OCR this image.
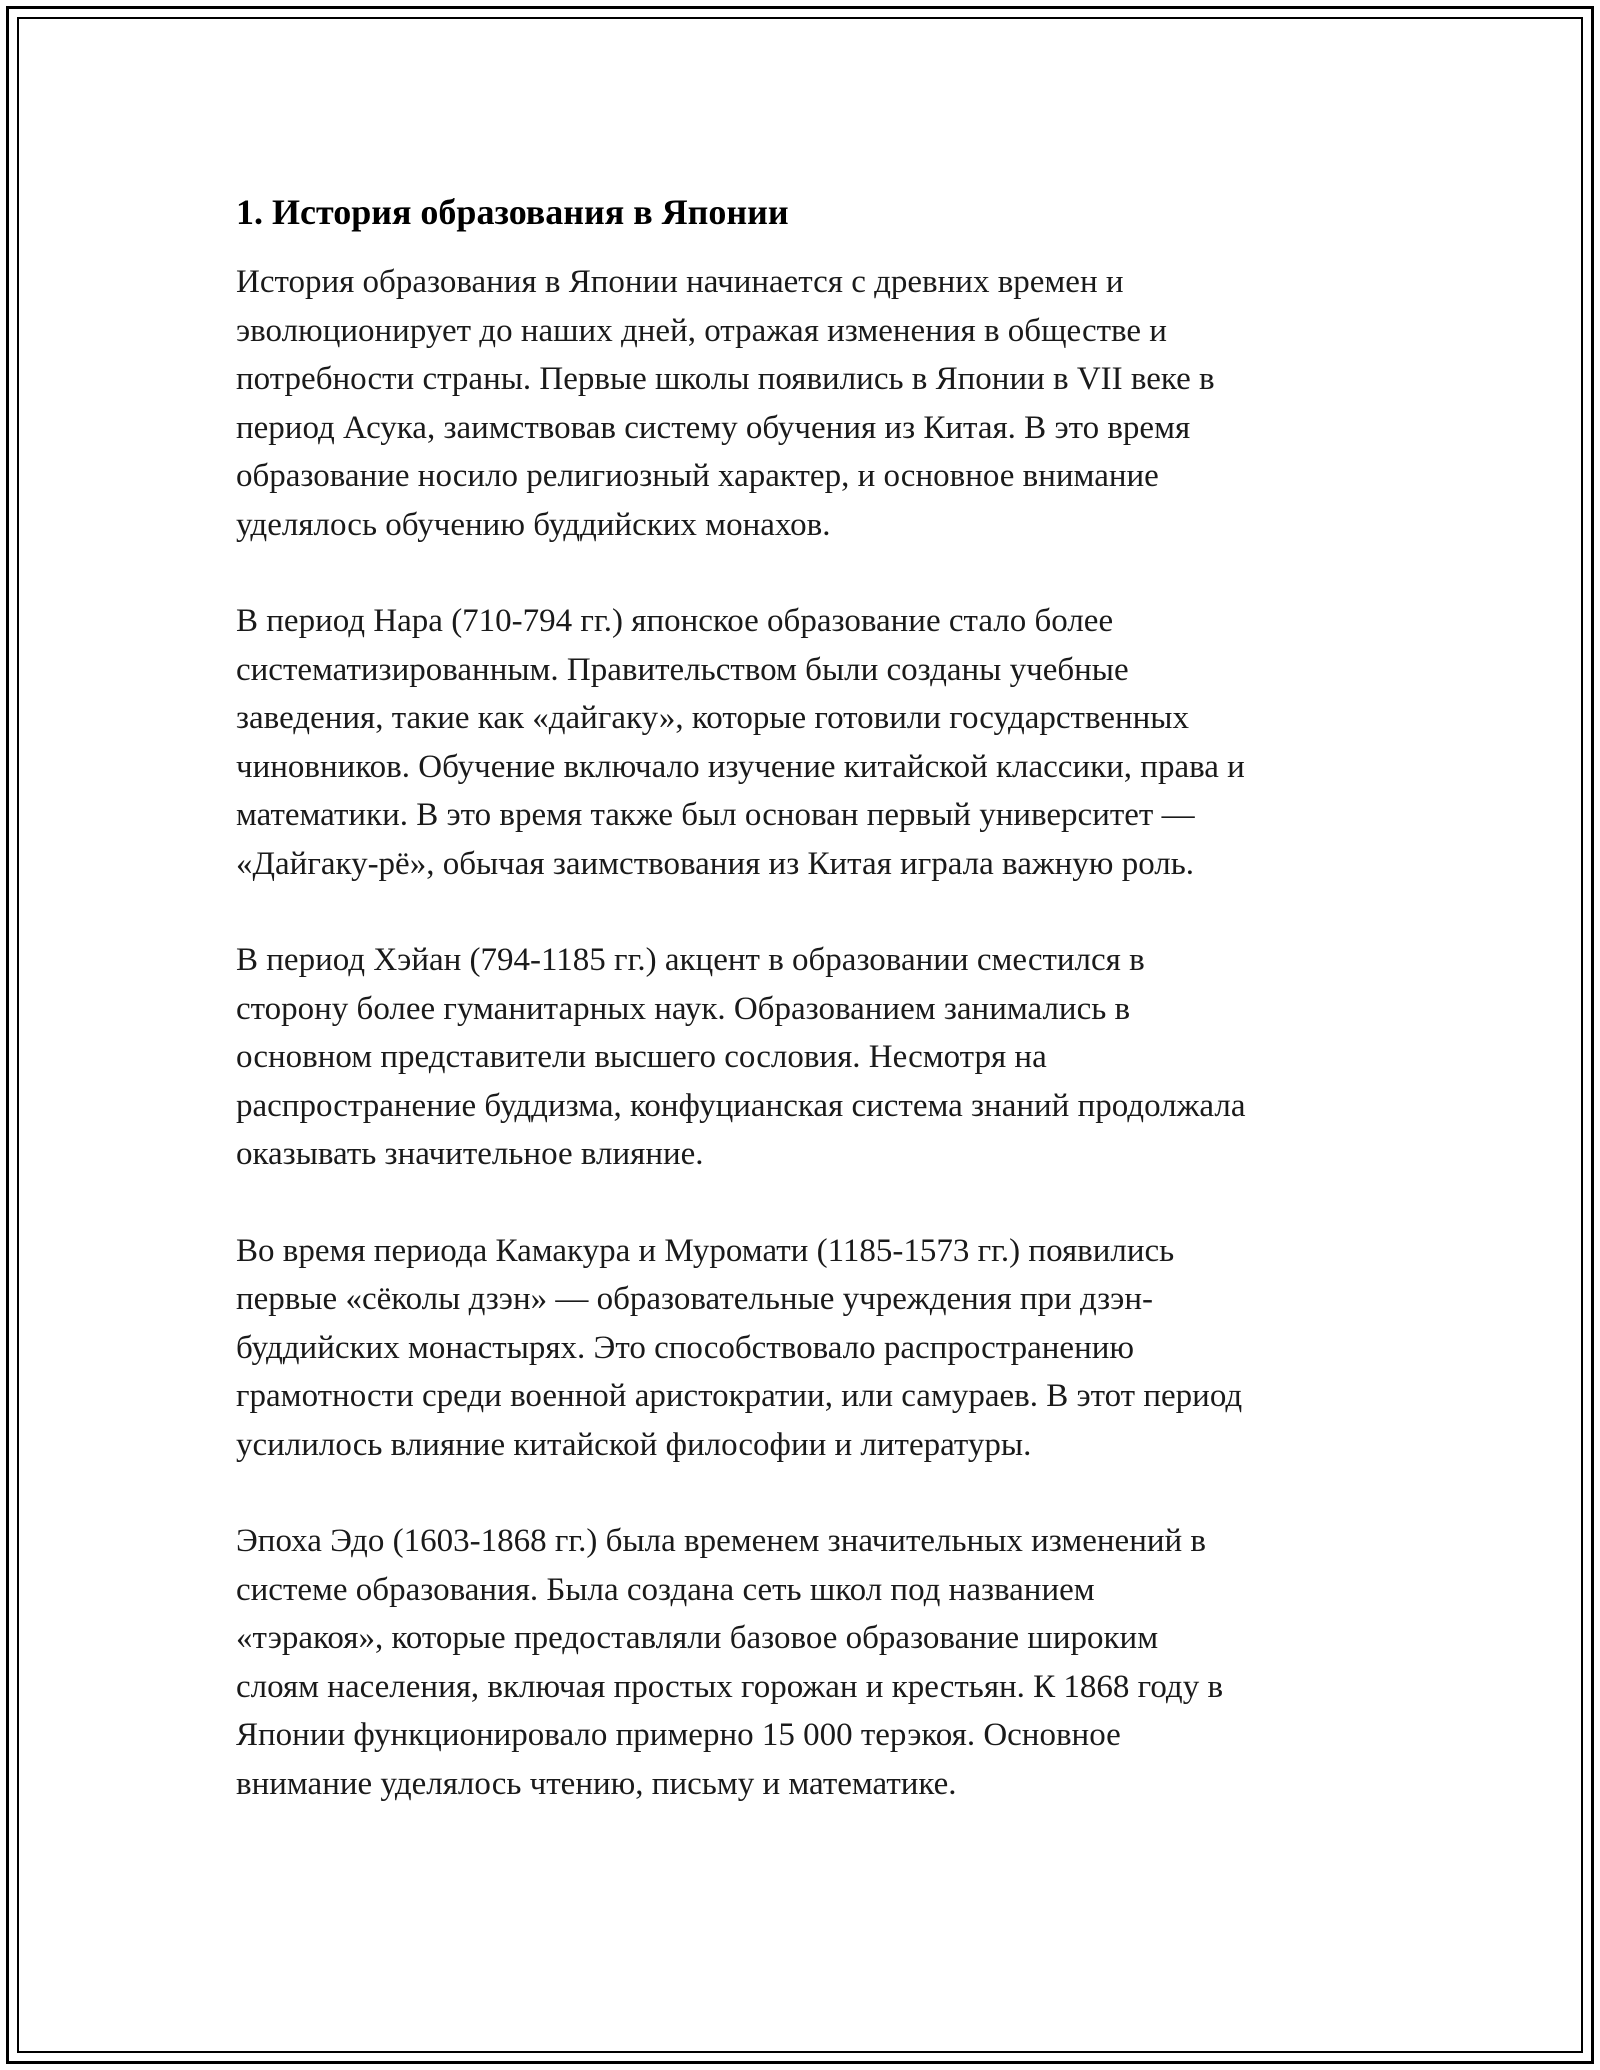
1. История образования в Японии

История образования в Японии начинается с древних времен и
эволюционирует до наших дней, отражая изменения в обществе и
потребности страны. Первые школы появились в Японии в VII веке в
период Асука, заимствовав систему обучения из Китая. В это время
образование носило религиозный характер, и основное внимание
уделялось обучению буддийских монахов.

В период Нара (710-794 гг.) японское образование стало более
систематизированным. Правительством были созданы учебные
заведения, такие как «дайгаку», которые готовили государственных
чиновников. Обучение включало изучение китайской классики, права и
математики. В это время также был основан первый университет —
«Дайгаку-рё», обычая заимствования из Китая играла важную роль.

В период Хэйан (794-1185 гг.) акцент в образовании сместился в
сторону более гуманитарных наук. Образованием занимались в
основном представители высшего сословия. Несмотря на
распространение буддизма, конфуцианская система знаний продолжала
оказывать значительное влияние.

Во время периода Камакура и Муромати (1185-1573 гг.) появились
первые «сёколы дзэн» — образовательные учреждения при дзэн-
буддийских монастырях. Это способствовало распространению
грамотности среди военной аристократии, или самураев. В этот период
усилилось влияние китайской философии и литературы.

Эпоха Эдо (1603-1868 гг.) была временем значительных изменений в
системе образования. Была создана сеть школ под названием
«тэракоя», которые предоставляли базовое образование широким
слоям населения, включая простых горожан и крестьян. К 1868 году в
Японии функционировало примерно 15 000 терэкоя. Основное
внимание уделялось чтению, письму и математике.
